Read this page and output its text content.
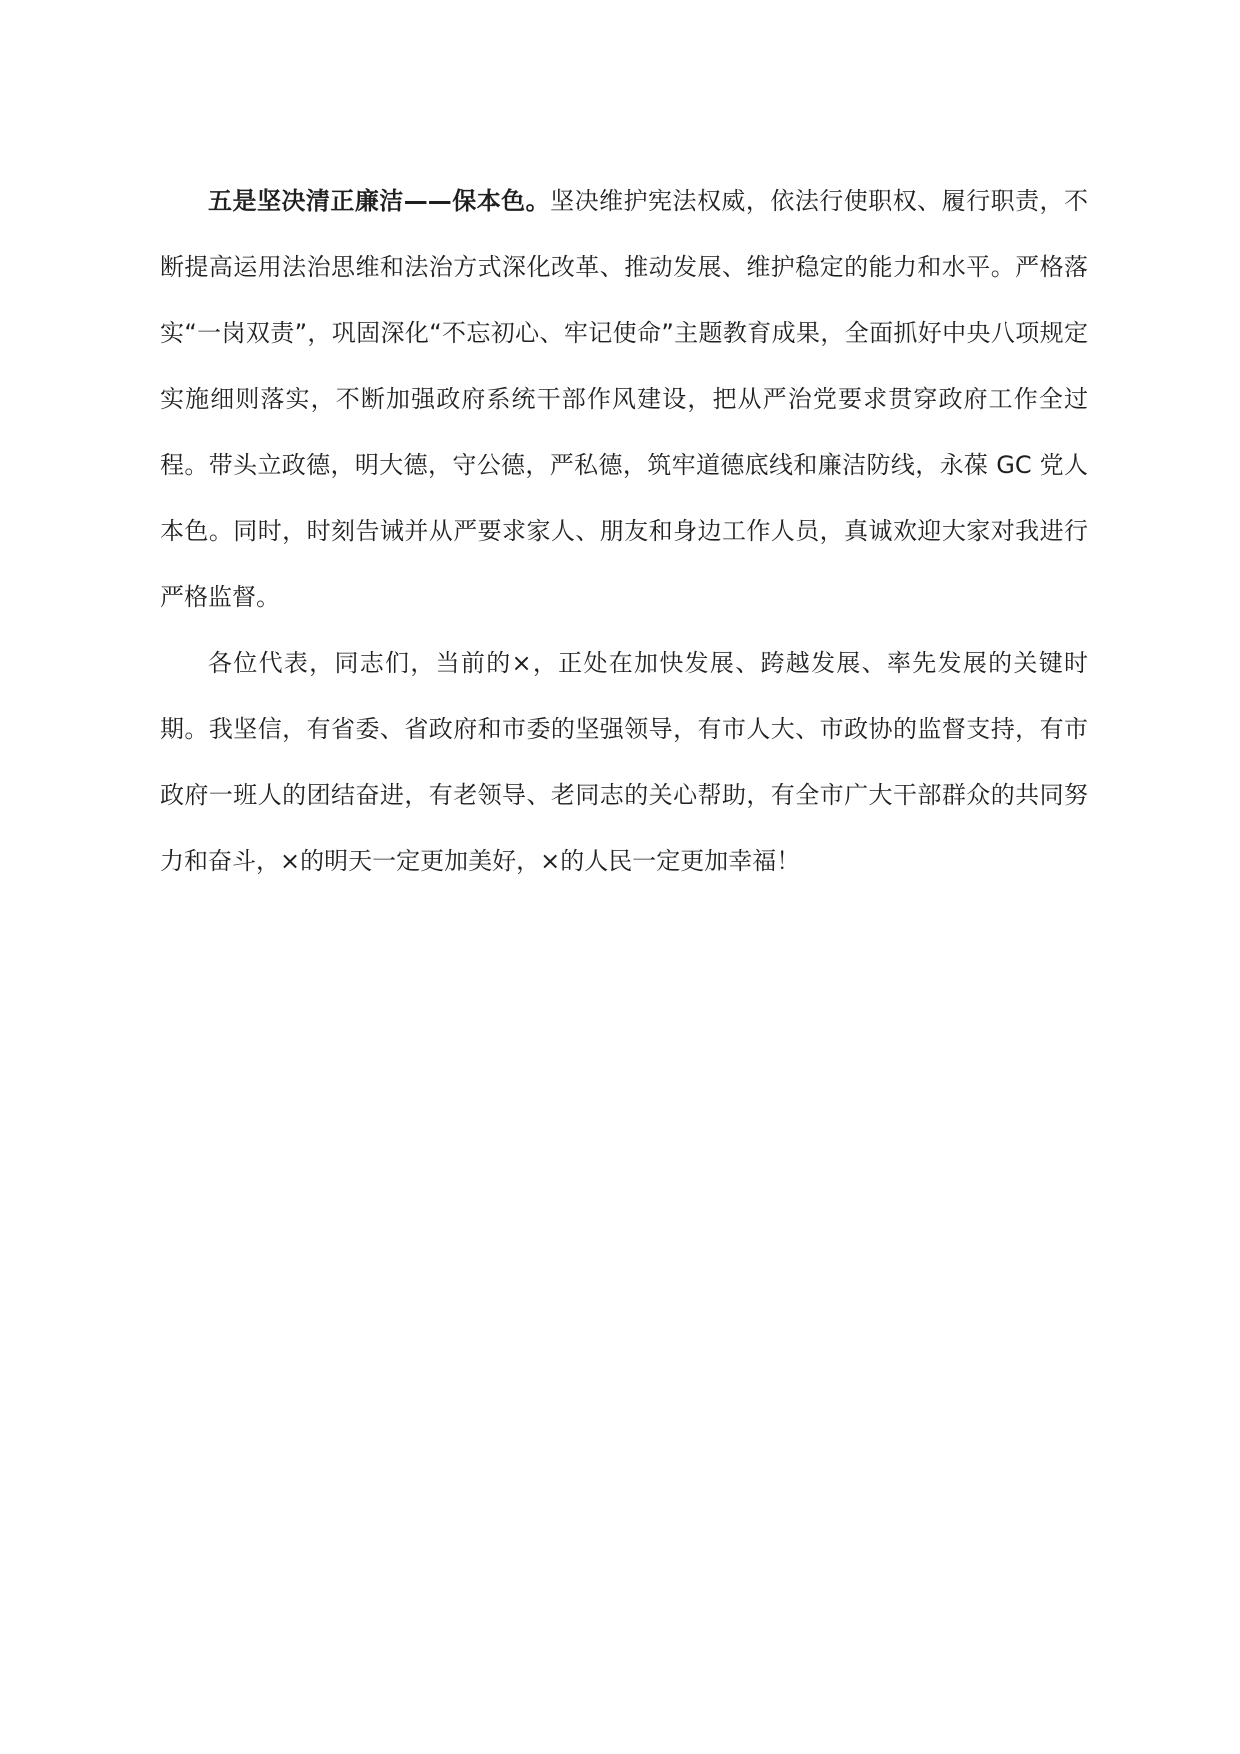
五是坚决清正廉洁——保本色。坚决维护宪法权威，依法行使职权、履行职责，不断提高运用法治思维和法治方式深化改革、推动发展、维护稳定的能力和水平。严格落实“一岗双责”，巩固深化“不忘初心、牢记使命”主题教育成果，全面抓好中央八项规定实施细则落实，不断加强政府系统干部作风建设，把从严治党要求贯穿政府工作全过程。带头立政德，明大德，守公德，严私德，筑牢道德底线和廉洁防线，永葆 GC 党人本色。同时，时刻告诫并从严要求家人、朋友和身边工作人员，真诚欢迎大家对我进行严格监督。

各位代表，同志们，当前的×，正处在加快发展、跨越发展、率先发展的关键时期。我坚信，有省委、省政府和市委的坚强领导，有市人大、市政协的监督支持，有市政府一班人的团结奋进，有老领导、老同志的关心帮助，有全市广大干部群众的共同努力和奋斗，×的明天一定更加美好，×的人民一定更加幸福！
